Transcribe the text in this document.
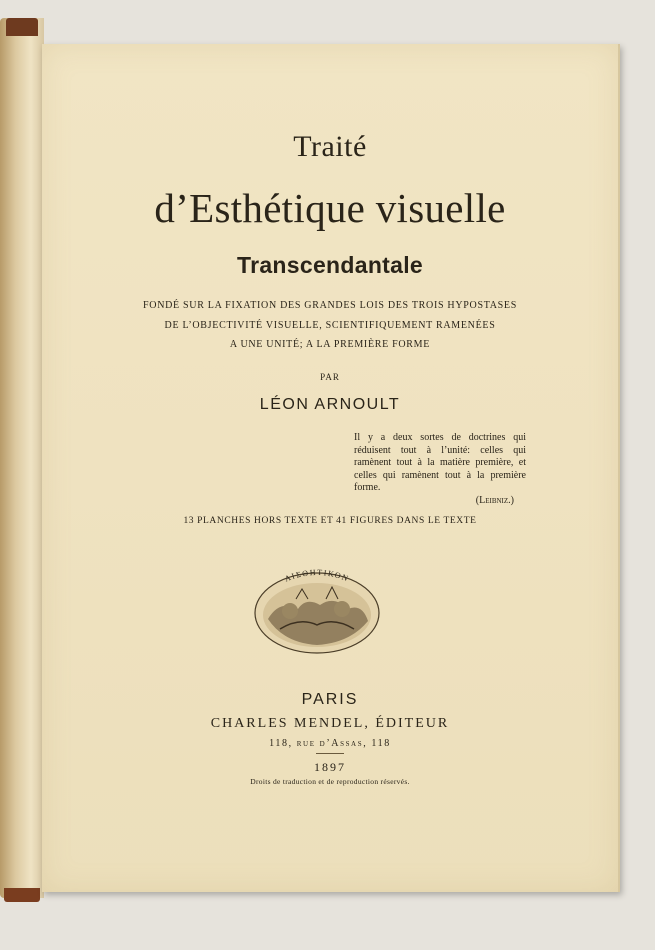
Traité
d’Esthétique visuelle
Transcendantale
FONDÉ SUR LA FIXATION DES GRANDES LOIS DES TROIS HYPOSTASES
DE L’OBJECTIVITÉ VISUELLE, SCIENTIFIQUEMENT RAMENÉES
A UNE UNITÉ; A LA PREMIÈRE FORME
PAR
LÉON ARNOULT
Il y a deux sortes de doctrines qui réduisent tout à l’unité: celles qui ramènent tout à la matière première, et celles qui ramènent tout à la première forme.
(Leibniz.)
13 PLANCHES HORS TEXTE ET 41 FIGURES DANS LE TEXTE
ΑΙΣΘΗΤΙΚΟΝ
PARIS
CHARLES MENDEL, ÉDITEUR
118, rue d’Assas, 118
1897
Droits de traduction et de reproduction réservés.
